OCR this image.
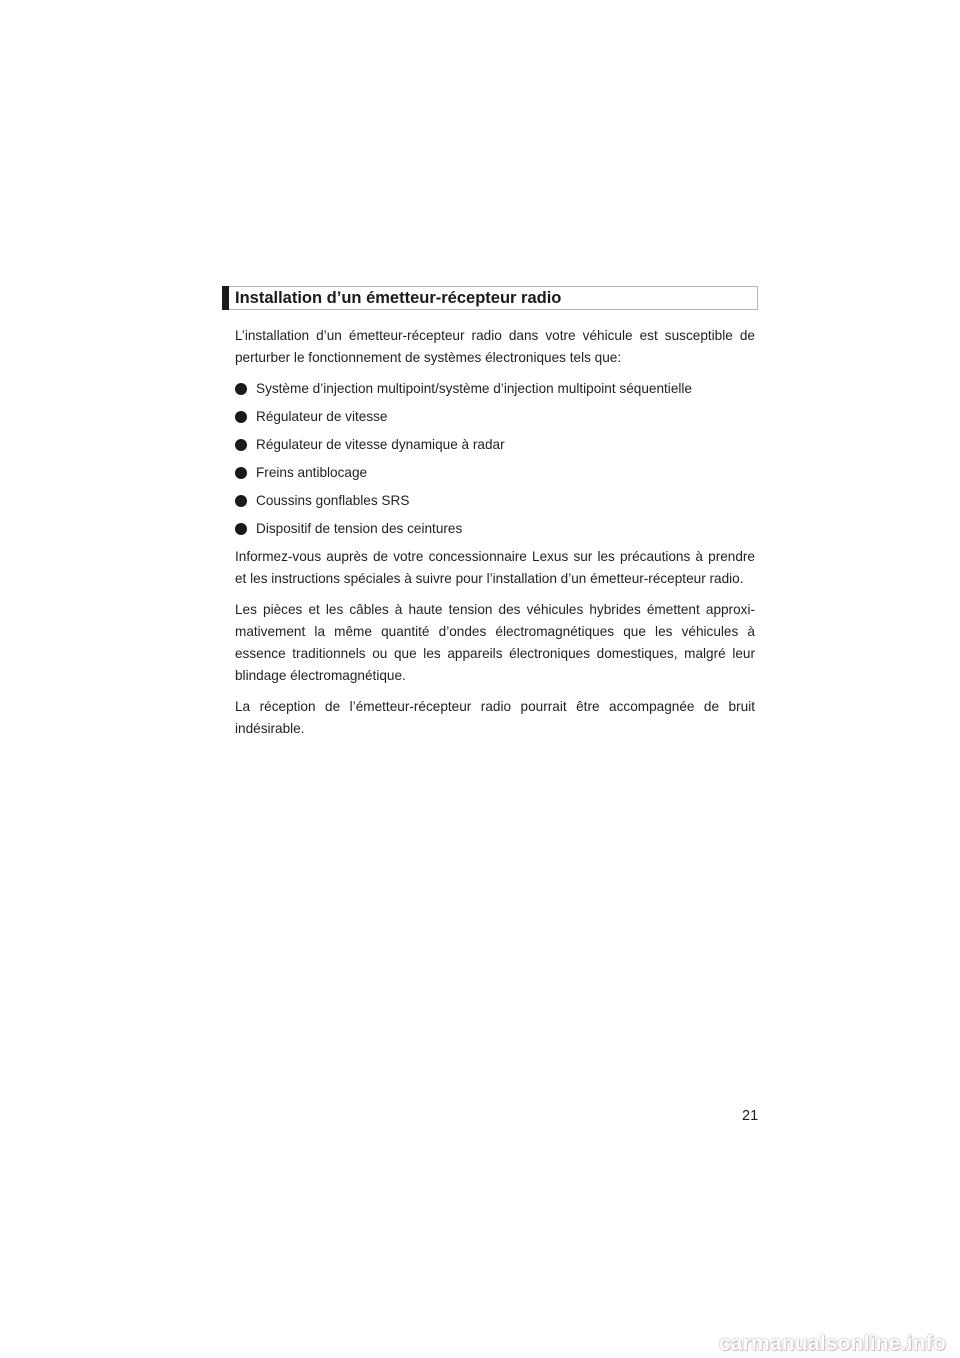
Installation d’un émetteur-récepteur radio

L’installation d’un émetteur-récepteur radio dans votre véhicule est susceptible de perturber le fonctionnement de systèmes électroniques tels que:

Système d’injection multipoint/système d’injection multipoint séquentielle
Régulateur de vitesse
Régulateur de vitesse dynamique à radar
Freins antiblocage
Coussins gonflables SRS
Dispositif de tension des ceintures

Informez-vous auprès de votre concessionnaire Lexus sur les précautions à prendre et les instructions spéciales à suivre pour l’installation d’un émetteur-récepteur radio.

Les pièces et les câbles à haute tension des véhicules hybrides émettent approxi-mativement la même quantité d’ondes électromagnétiques que les véhicules à essence traditionnels ou que les appareils électroniques domestiques, malgré leur blindage électromagnétique.

La réception de l’émetteur-récepteur radio pourrait être accompagnée de bruit indésirable.

21
carmanualsonline.info
